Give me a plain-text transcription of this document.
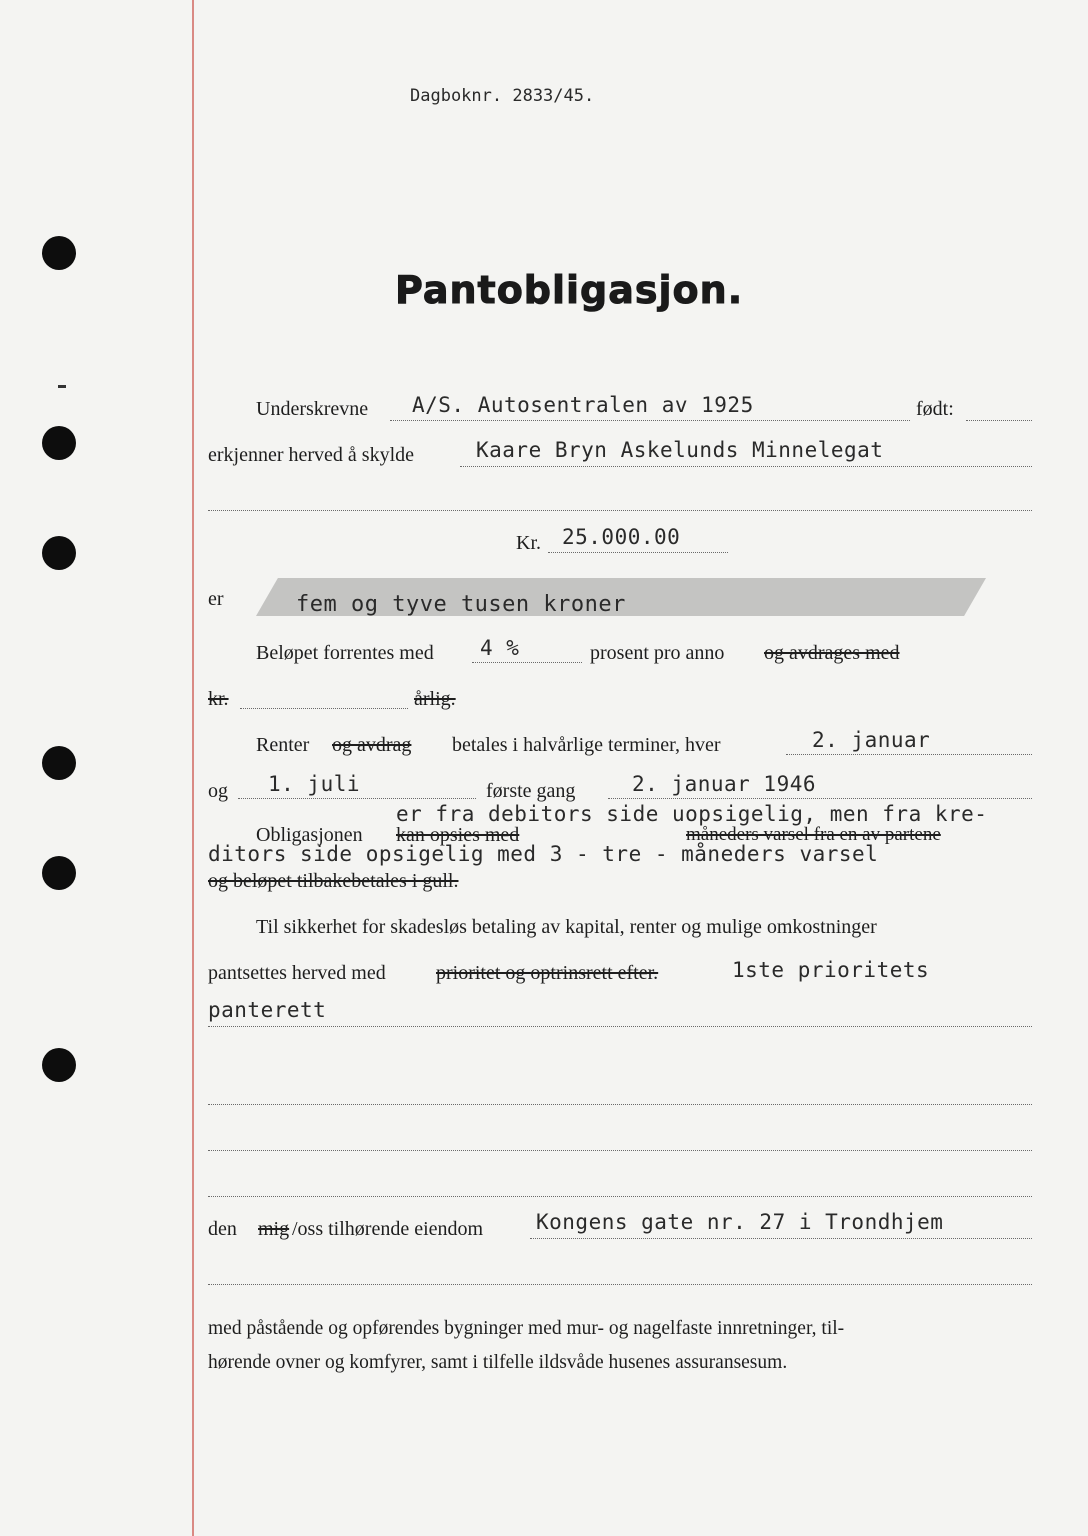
Dagboknr. 2833/45.
Pantobligasjon.
Underskrevne A/S. Autosentralen av 1925	født:
erkjenner herved å skylde	Kaare Bryn Askelunds Minnelegat
Kr. 25.000.00
er	fem og tyve tusen kroner
Beløpet forrentes med 4 %	prosent pro anno og avdrages med
kr.	årlig.
Renter og avdrag betales i halvårlige terminer, hver	2. januar
og 1. juli	første gang	2. januar 1946
er fra debitors side uopsigelig, men fra kre-
Obligasjonen kan opsies med	måneders varsel fra en av partene
ditors side opsigelig med 3 - tre - måneders varsel
og beløpet tilbakebetales i gull.
Til sikkerhet for skadesløs betaling av kapital, renter og mulige omkostninger
pantsettes herved med	prioritet og optrinsrett efter.	1ste prioritets
panterett
den mig /oss tilhørende eiendom	Kongens gate nr. 27 i Trondhjem
med påstående og opførendes bygninger med mur- og nagelfaste innretninger, til-
hørende ovner og komfyrer, samt i tilfelle ildsvåde husenes assuransesum.
